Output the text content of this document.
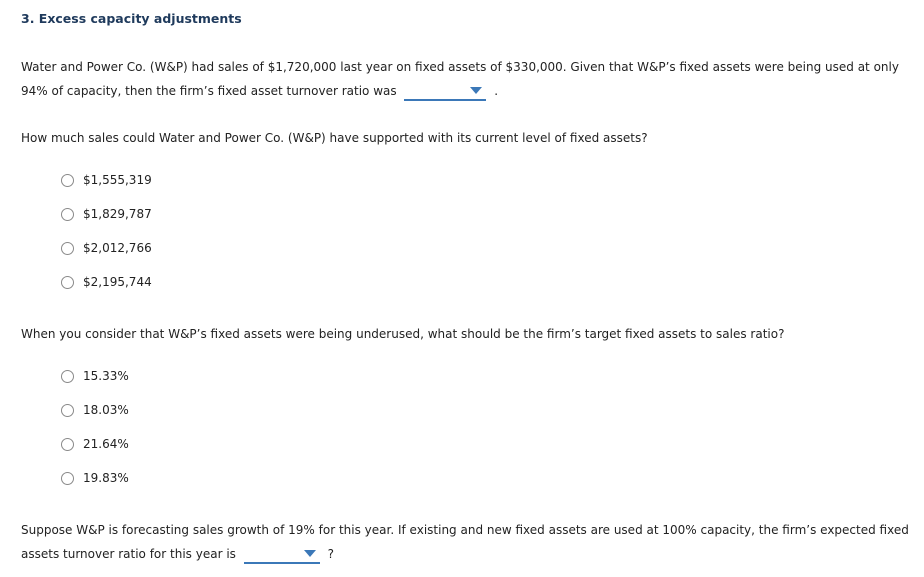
3. Excess capacity adjustments
Water and Power Co. (W&P) had sales of $1,720,000 last year on fixed assets of $330,000. Given that W&P’s fixed assets were being used at only
94% of capacity, then the firm’s fixed asset turnover ratio was	.
How much sales could Water and Power Co. (W&P) have supported with its current level of fixed assets?
$1,555,319
$1,829,787
$2,012,766
$2,195,744
When you consider that W&P’s fixed assets were being underused, what should be the firm’s target fixed assets to sales ratio?
15.33%
18.03%
21.64%
19.83%
Suppose W&P is forecasting sales growth of 19% for this year. If existing and new fixed assets are used at 100% capacity, the firm’s expected fixed
assets turnover ratio for this year is	?
